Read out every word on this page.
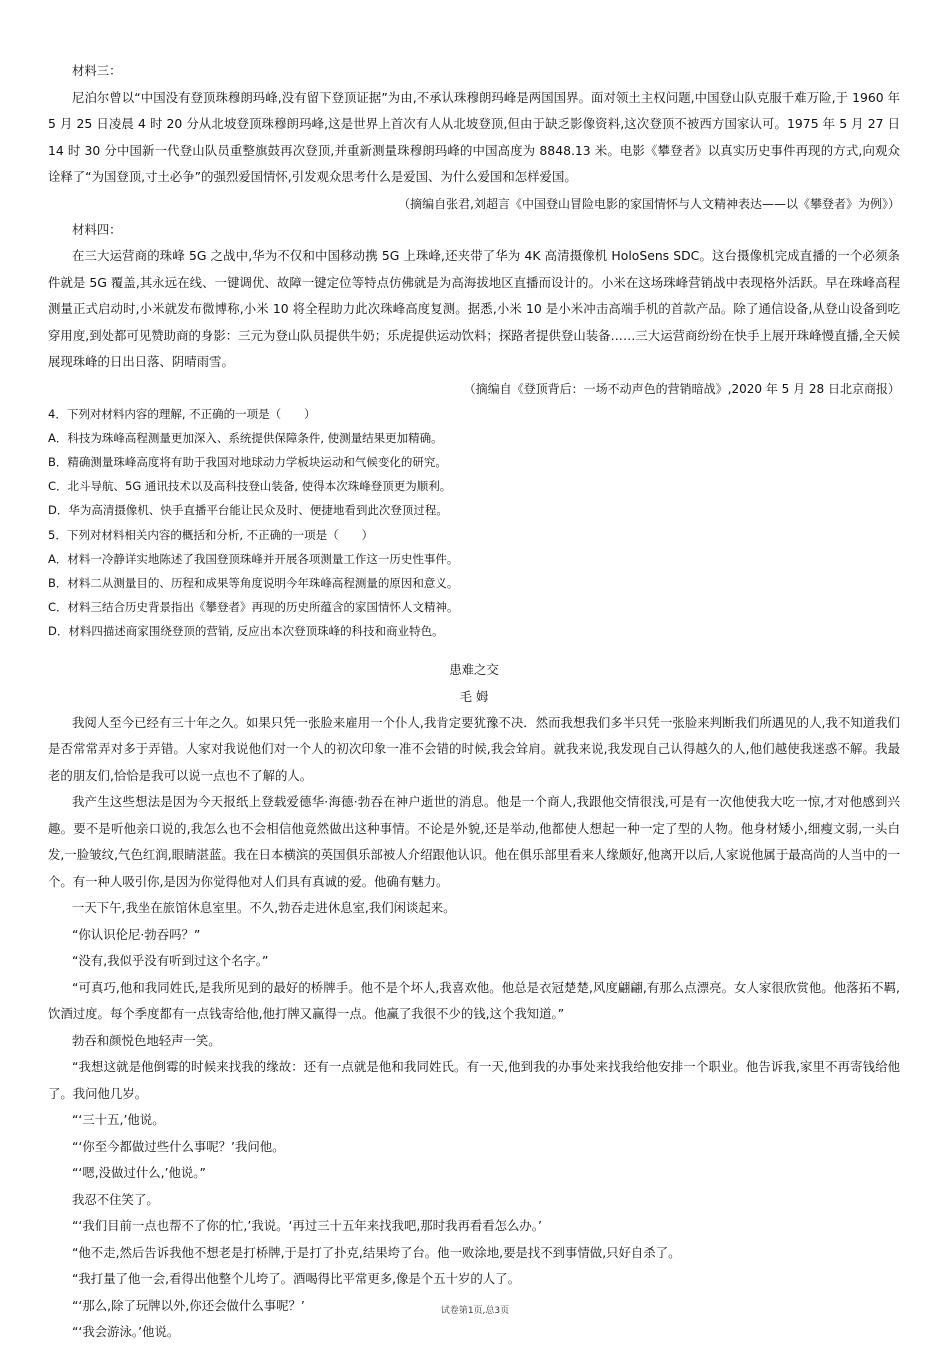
材料三：

尼泊尔曾以“中国没有登顶珠穆朗玛峰,没有留下登顶证据”为由,不承认珠穆朗玛峰是两国国界。面对领土主权问题,中国登山队克服千难万险,于 1960 年 5 月 25 日凌晨 4 时 20 分从北坡登顶珠穆朗玛峰,这是世界上首次有人从北坡登顶,但由于缺乏影像资料,这次登顶不被西方国家认可。1975 年 5 月 27 日 14 时 30 分中国新一代登山队员重整旗鼓再次登顶,并重新测量珠穆朗玛峰的中国高度为 8848.13 米。电影《攀登者》以真实历史事件再现的方式,向观众诠释了“为国登顶,寸土必争”的强烈爱国情怀,引发观众思考什么是爱国、为什么爱国和怎样爱国。

（摘编自张君,刘超言《中国登山冒险电影的家国情怀与人文精神表达——以《攀登者》为例》）

材料四：

在三大运营商的珠峰 5G 之战中,华为不仅和中国移动携 5G 上珠峰,还夹带了华为 4K 高清摄像机 HoloSens SDC。这台摄像机完成直播的一个必须条件就是 5G 覆盖,其永远在线、一键调优、故障一键定位等特点仿佛就是为高海拔地区直播而设计的。小米在这场珠峰营销战中表现格外活跃。早在珠峰高程测量正式启动时,小米就发布微博称,小米 10 将全程助力此次珠峰高度复测。据悉,小米 10 是小米冲击高端手机的首款产品。除了通信设备,从登山设备到吃穿用度,到处都可见赞助商的身影：三元为登山队员提供牛奶；乐虎提供运动饮料；探路者提供登山装备……三大运营商纷纷在快手上展开珠峰慢直播,全天候展现珠峰的日出日落、阴晴雨雪。

（摘编自《登顶背后：一场不动声色的营销暗战》,2020 年 5 月 28 日北京商报）

4．下列对材料内容的理解, 不正确的一项是（　　）

A．科技为珠峰高程测量更加深入、系统提供保障条件, 使测量结果更加精确。

B．精确测量珠峰高度将有助于我国对地球动力学板块运动和气候变化的研究。

C．北斗导航、5G 通讯技术以及高科技登山装备, 使得本次珠峰登顶更为顺利。

D．华为高清摄像机、快手直播平台能让民众及时、便捷地看到此次登顶过程。

5．下列对材料相关内容的概括和分析, 不正确的一项是（　　）

A．材料一冷静详实地陈述了我国登顶珠峰并开展各项测量工作这一历史性事件。

B．材料二从测量目的、历程和成果等角度说明今年珠峰高程测量的原因和意义。

C．材料三结合历史背景指出《攀登者》再现的历史所蕴含的家国情怀人文精神。

D．材料四描述商家围绕登顶的营销, 反应出本次登顶珠峰的科技和商业特色。

患难之交

毛 姆

我阅人至今已经有三十年之久。如果只凭一张脸来雇用一个仆人,我肯定要犹豫不决．然而我想我们多半只凭一张脸来判断我们所遇见的人,我不知道我们是否常常弄对多于弄错。人家对我说他们对一个人的初次印象一准不会错的时候,我会耸肩。就我来说,我发现自己认得越久的人,他们越使我迷惑不解。我最老的朋友们,恰恰是我可以说一点也不了解的人。

我产生这些想法是因为今天报纸上登载爱德华·海德·勃吞在神户逝世的消息。他是一个商人,我跟他交情很浅,可是有一次他使我大吃一惊,才对他感到兴趣。要不是听他亲口说的,我怎么也不会相信他竟然做出这种事情。不论是外貌,还是举动,他都使人想起一种一定了型的人物。他身材矮小,细瘦文弱,一头白发,一脸皱纹,气色红润,眼睛湛蓝。我在日本横滨的英国俱乐部被人介绍跟他认识。他在俱乐部里看来人缘颇好,他离开以后,人家说他属于最高尚的人当中的一个。有一种人吸引你,是因为你觉得他对人们具有真诚的爱。他确有魅力。

一天下午,我坐在旅馆休息室里。不久,勃吞走进休息室,我们闲谈起来。

“你认识伦尼·勃吞吗？”

“没有,我似乎没有听到过这个名字。”

“可真巧,他和我同姓氏,是我所见到的最好的桥牌手。他不是个坏人,我喜欢他。他总是衣冠楚楚,风度翩翩,有那么点漂亮。女人家很欣赏他。他落拓不羁,饮酒过度。每个季度都有一点钱寄给他,他打牌又赢得一点。他赢了我很不少的钱,这个我知道。”

勃吞和颜悦色地轻声一笑。

“我想这就是他倒霉的时候来找我的缘故：还有一点就是他和我同姓氏。有一天,他到我的办事处来找我给他安排一个职业。他告诉我,家里不再寄钱给他了。我问他几岁。

“‘三十五,’他说。

“‘你至今都做过些什么事呢？’我问他。

“‘嗯,没做过什么,’他说。”

我忍不住笑了。

“‘我们目前一点也帮不了你的忙,’我说。‘再过三十五年来找我吧,那时我再看看怎么办。’

“他不走,然后告诉我他不想老是打桥牌,于是打了扑克,结果垮了台。他一败涂地,要是找不到事情做,只好自杀了。

“我打量了他一会,看得出他整个儿垮了。酒喝得比平常更多,像是个五十岁的人了。

“‘那么,除了玩牌以外,你还会做什么事呢？’

“‘我会游泳。’他说。

试卷第1页,总3页
